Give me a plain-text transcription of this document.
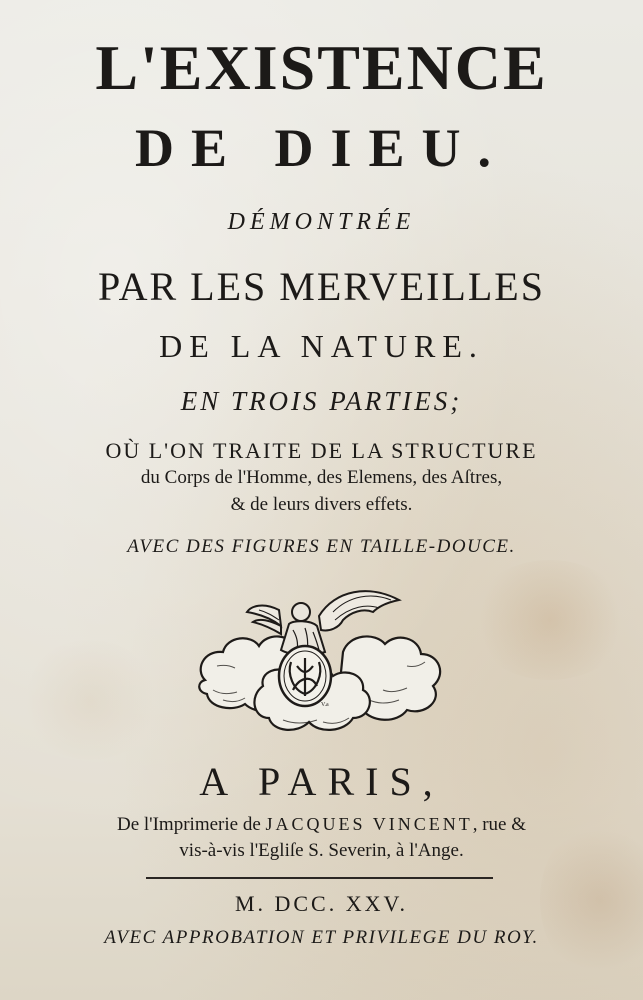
L'EXISTENCE
DE DIEU.

DÉMONTRÉE

PAR LES MERVEILLES

DE LA NATURE.

EN TROIS PARTIES;

OÙ L'ON TRAITE DE LA STRUCTURE

du Corps de l'Homme, des Elemens, des Aſtres,

& de leurs divers effets.

AVEC DES FIGURES EN TAILLE-DOUCE.

V.a

A PARIS,

De l'Imprimerie de JACQUES VINCENT, rue &

vis-à-vis l'Egliſe S. Severin, à l'Ange.

M. DCC. XXV.

AVEC APPROBATION ET PRIVILEGE DU ROY.
